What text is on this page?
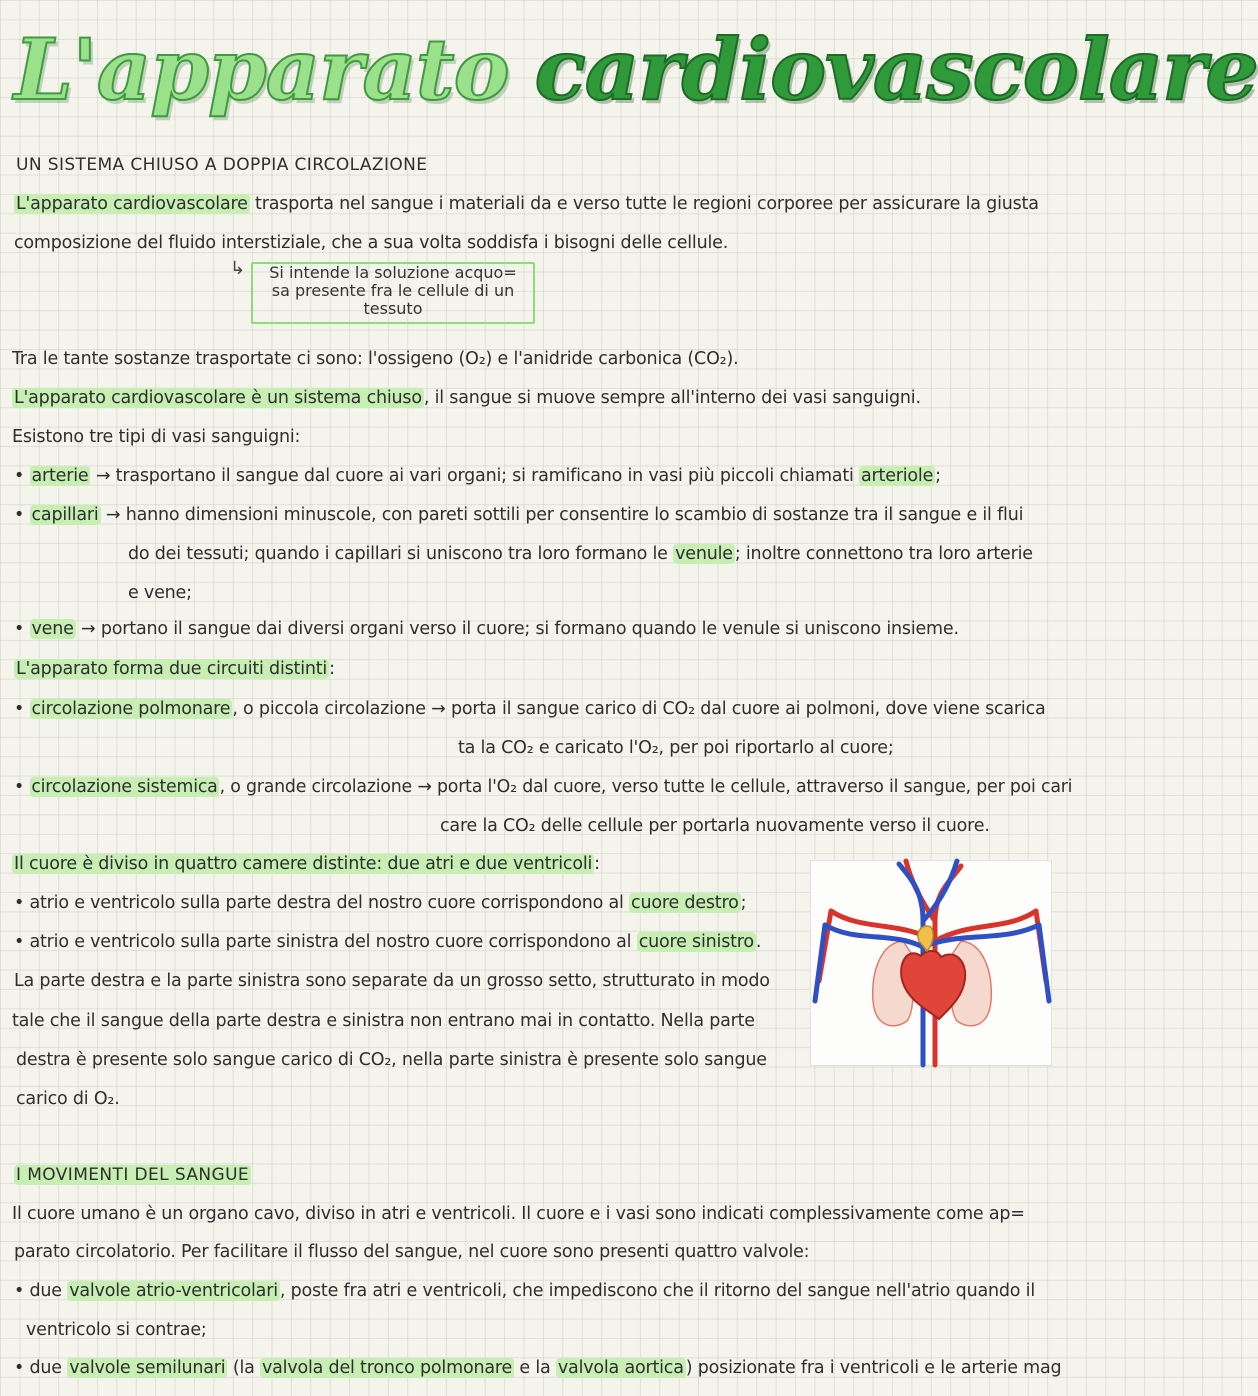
L'apparato cardiovascolare
UN SISTEMA CHIUSO A DOPPIA CIRCOLAZIONE
L'apparato cardiovascolare trasporta nel sangue i materiali da e verso tutte le regioni corporee per assicurare la giusta
composizione del fluido interstiziale, che a sua volta soddisfa i bisogni delle cellule.
↳	Si intende la soluzione acquo=
sa presente fra le cellule di un
tessuto
Tra le tante sostanze trasportate ci sono: l'ossigeno (O₂) e l'anidride carbonica (CO₂).
L'apparato cardiovascolare è un sistema chiuso , il sangue si muove sempre all'interno dei vasi sanguigni.
Esistono tre tipi di vasi sanguigni:
• arterie → trasportano il sangue dal cuore ai vari organi; si ramificano in vasi più piccoli chiamati arteriole ;
• capillari → hanno dimensioni minuscole, con pareti sottili per consentire lo scambio di sostanze tra il sangue e il flui
do dei tessuti; quando i capillari si uniscono tra loro formano le venule ; inoltre connettono tra loro arterie
e vene;
• vene → portano il sangue dai diversi organi verso il cuore; si formano quando le venule si uniscono insieme.
L'apparato forma due circuiti distinti :
• circolazione polmonare , o piccola circolazione → porta il sangue carico di CO₂ dal cuore ai polmoni, dove viene scarica
ta la CO₂ e caricato l'O₂, per poi riportarlo al cuore;
• circolazione sistemica , o grande circolazione → porta l'O₂ dal cuore, verso tutte le cellule, attraverso il sangue, per poi cari
care la CO₂ delle cellule per portarla nuovamente verso il cuore.
Il cuore è diviso in quattro camere distinte: due atri e due ventricoli :
• atrio e ventricolo sulla parte destra del nostro cuore corrispondono al cuore destro ;
• atrio e ventricolo sulla parte sinistra del nostro cuore corrispondono al cuore sinistro .
La parte destra e la parte sinistra sono separate da un grosso setto, strutturato in modo
tale che il sangue della parte destra e sinistra non entrano mai in contatto. Nella parte
destra è presente solo sangue carico di CO₂, nella parte sinistra è presente solo sangue
carico di O₂.
I MOVIMENTI DEL SANGUE
Il cuore umano è un organo cavo, diviso in atri e ventricoli. Il cuore e i vasi sono indicati complessivamente come ap=
parato circolatorio. Per facilitare il flusso del sangue, nel cuore sono presenti quattro valvole:
• due valvole atrio-ventricolari , poste fra atri e ventricoli, che impediscono che il ritorno del sangue nell'atrio quando il
ventricolo si contrae;
• due valvole semilunari (la valvola del tronco polmonare e la valvola aortica ) posizionate fra i ventricoli e le arterie mag
